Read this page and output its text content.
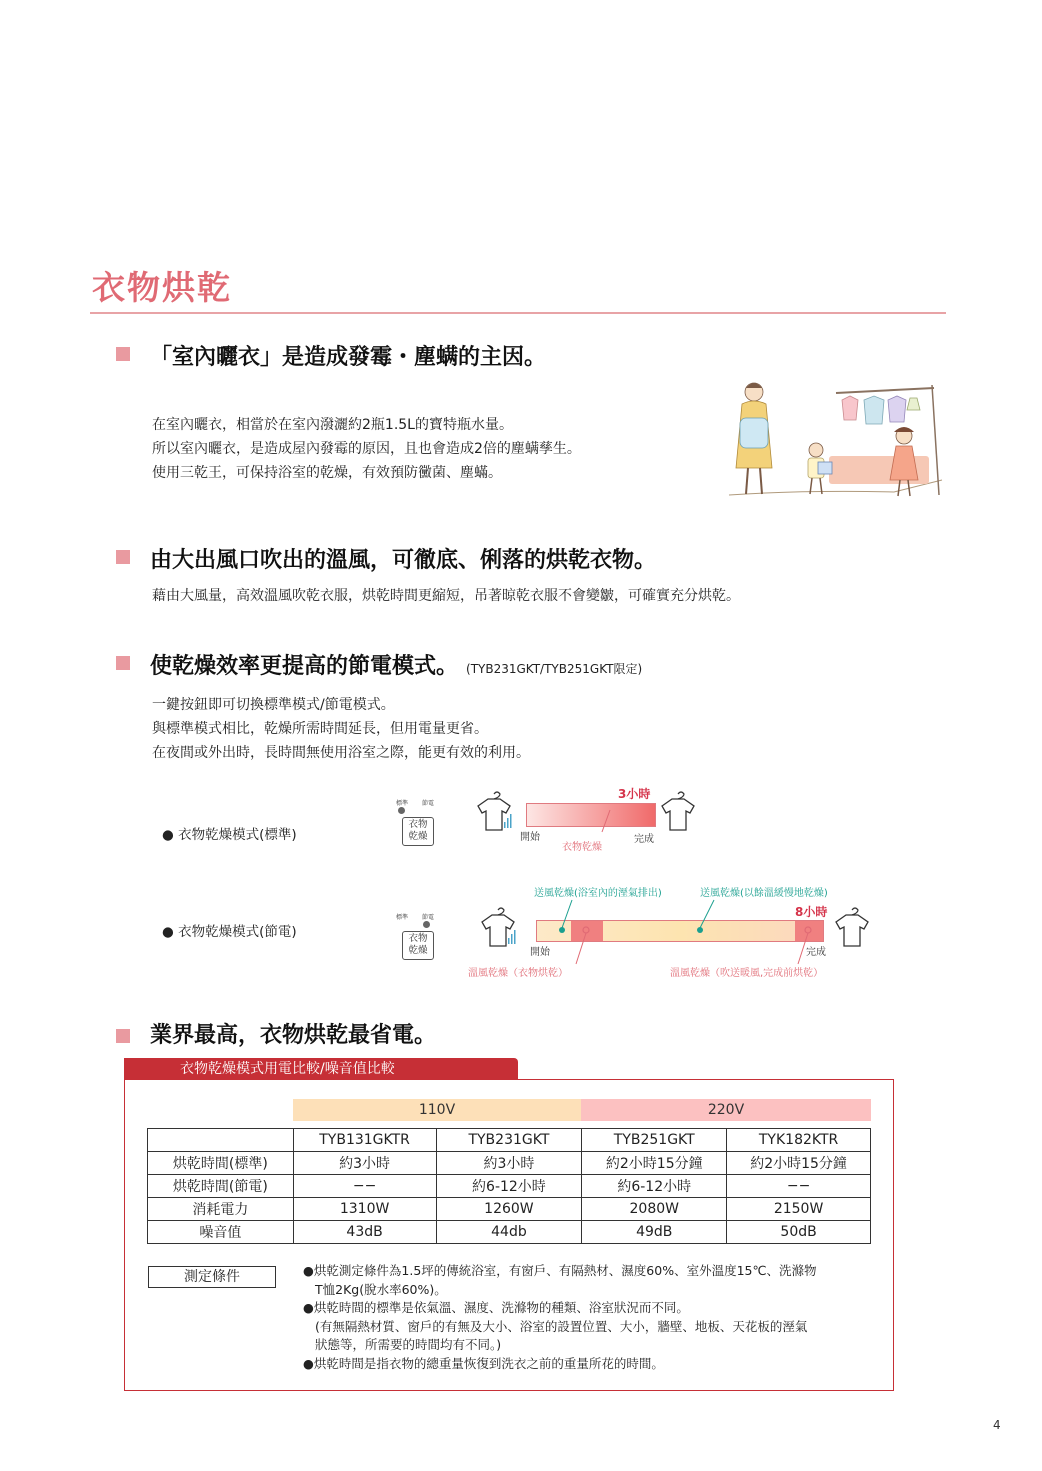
衣物烘乾
「室內曬衣」是造成發霉・塵螨的主因。
在室內曬衣，相當於在室內潑灑約2瓶1.5L的寶特瓶水量。
所以室內曬衣，是造成屋內發霉的原因，且也會造成2倍的塵螨孳生。
使用三乾王，可保持浴室的乾燥，有效預防黴菌、塵蟎。
由大出風口吹出的溫風，可徹底、俐落的烘乾衣物。
藉由大風量，高效溫風吹乾衣服，烘乾時間更縮短，吊著晾乾衣服不會變皺，可確實充分烘乾。
使乾燥效率更提高的節電模式。 (TYB231GKT/TYB251GKT限定)
一鍵按鈕即可切換標準模式/節電模式。
與標準模式相比，乾燥所需時間延長，但用電量更省。
在夜間或外出時，長時間無使用浴室之際，能更有效的利用。
● 衣物乾燥模式(標準)
標準 節電
衣物
乾燥
3小時
開始	完成
衣物乾燥
送風乾燥(浴室內的溼氣排出)	送風乾燥(以餘溫緩慢地乾燥)
8小時
● 衣物乾燥模式(節電)
標準 節電
衣物
乾燥	開始	完成
溫風乾燥（衣物烘乾）	溫風乾燥（吹送暖風,完成前烘乾）
業界最高，衣物烘乾最省電。
衣物乾燥模式用電比較/噪音值比較
110V	220V
	TYB131GKTR	TYB231GKT	TYB251GKT	TYK182KTR
烘乾時間(標準)	約3小時	約3小時	約2小時15分鐘	約2小時15分鐘
烘乾時間(節電)	−−	約6-12小時	約6-12小時	−−
消耗電力	1310W	1260W	2080W	2150W
噪音值	43dB	44db	49dB	50dB
測定條件	●烘乾測定條件為1.5坪的傳統浴室，有窗戶、有隔熱材、濕度60%、室外溫度15℃、洗滌物
T恤2Kg(脫水率60%)。
●烘乾時間的標準是依氣溫、濕度、洗滌物的種類、浴室狀況而不同。
(有無隔熱材質、窗戶的有無及大小、浴室的設置位置、大小，牆壁、地板、天花板的溼氣
狀態等，所需要的時間均有不同。)
●烘乾時間是指衣物的總重量恢復到洗衣之前的重量所花的時間。
4
